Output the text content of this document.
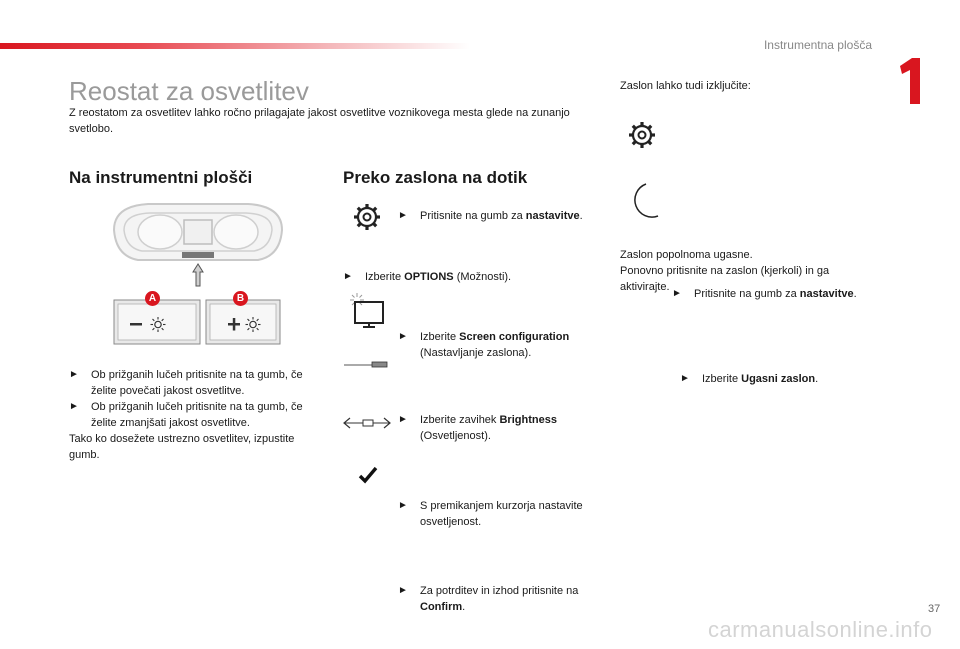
Instrumentna plošča
Reostat za osvetlitev
Z reostatom za osvetlitev lahko ročno prilagajate jakost osvetlitve voznikovega mesta glede na zunanjo svetlobo.
Na instrumentni plošči
A	B
► Ob prižganih lučeh pritisnite na ta gumb, če želite povečati jakost osvetlitve.
► Ob prižganih lučeh pritisnite na ta gumb, če želite zmanjšati jakost osvetlitve.
Tako ko dosežete ustrezno osvetlitev, izpustite gumb.
Preko zaslona na dotik
► Pritisnite na gumb za nastavitve.
► Izberite OPTIONS (Možnosti).
► Izberite Screen configuration (Nastavljanje zaslona).
► Izberite zavihek Brightness (Osvetljenost).
► S premikanjem kurzorja nastavite osvetljenost.
► Za potrditev in izhod pritisnite na Confirm.
Zaslon lahko tudi izključite:
► Pritisnite na gumb za nastavitve.
► Izberite Ugasni zaslon.
Zaslon popolnoma ugasne.
Ponovno pritisnite na zaslon (kjerkoli) in ga aktivirajte.
37
carmanualsonline.info
